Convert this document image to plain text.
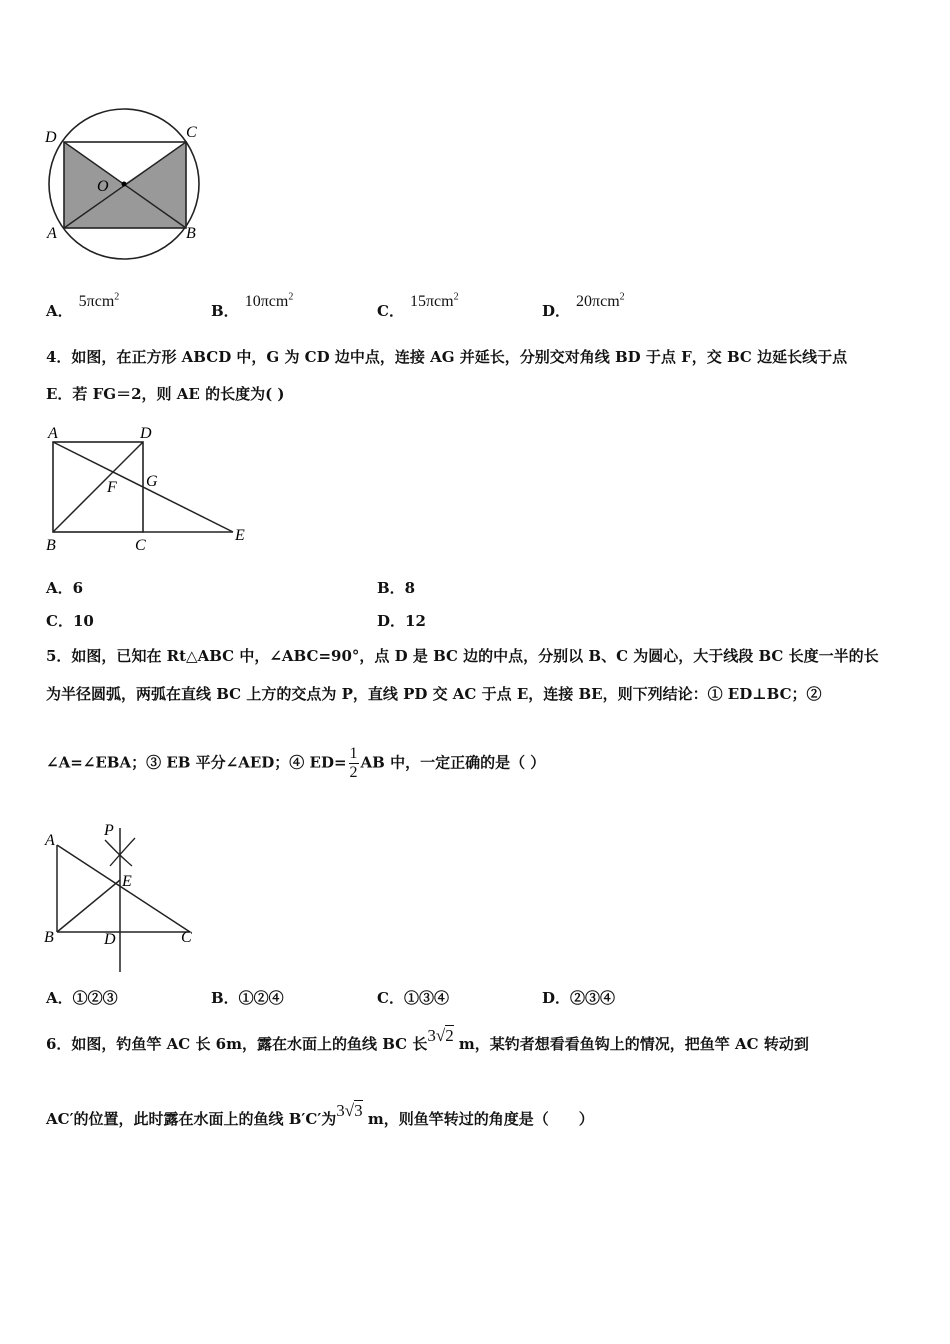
D	C
O
A	B
A．5πcm$^2$
B．10πcm$^2$
C．15πcm$^2$
D．20πcm$^2$
4．如图，在正方形 ABCD 中，G 为 CD 边中点，连接 AG 并延长，分别交对角线 BD 于点 F，交 BC 边延长线于点
E．若 FG＝2，则 AE 的长度为( )
A	D
F G
B	C
E
A．6	B．8
C．10	D．12
5．如图，已知在 Rt△ABC 中，∠ABC=90°，点 D 是 BC 边的中点，分别以 B、C 为圆心，大于线段 BC 长度一半的长
为半径圆弧，两弧在直线 BC 上方的交点为 P，直线 PD 交 AC 于点 E，连接 BE，则下列结论：① ED⊥BC；②
∠A=∠EBA；③ EB 平分∠AED；④ $ED= \frac{1}{2}$ AB 中，一定正确的是（ ）
P
A
E
B	D	C
A．①②③	B．①②④	C．①③④	D．②③④
6．如图，钓鱼竿 AC 长 6m，露在水面上的鱼线 BC 长3√2 m，某钓者想看看鱼钩上的情况，把鱼竿 AC 转动到
AC′的位置，此时露在水面上的鱼线 B′C′为3√3 m，则鱼竿转过的角度是（　　）
